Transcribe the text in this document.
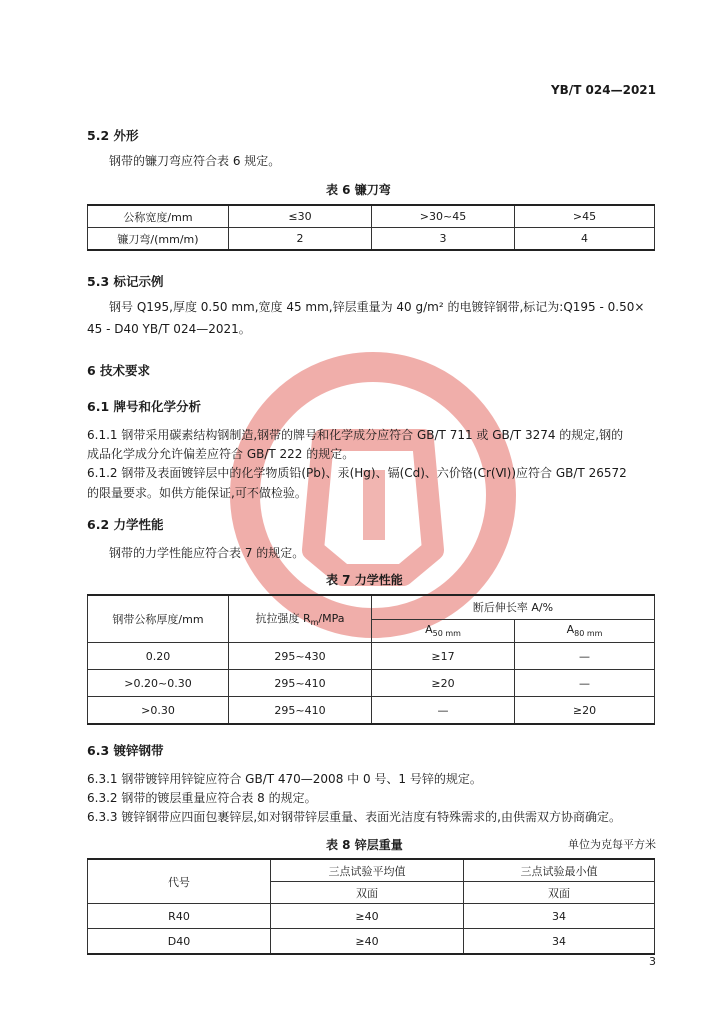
YB/T 024—2021
5.2 外形
钢带的镰刀弯应符合表 6 规定。
表 6 镰刀弯
公称宽度/mm	≤30	>30~45	>45
镰刀弯/(mm/m)	2	3	4
5.3 标记示例
钢号 Q195,厚度 0.50 mm,宽度 45 mm,锌层重量为 40 g/m² 的电镀锌钢带,标记为:Q195 - 0.50×
45 - D40 YB/T 024—2021。
6 技术要求
6.1 牌号和化学分析
6.1.1 钢带采用碳素结构钢制造,钢带的牌号和化学成分应符合 GB/T 711 或 GB/T 3274 的规定,钢的
成品化学成分允许偏差应符合 GB/T 222 的规定。
6.1.2 钢带及表面镀锌层中的化学物质铅(Pb)、汞(Hg)、镉(Cd)、六价铬(Cr(Ⅵ))应符合 GB/T 26572
的限量要求。如供方能保证,可不做检验。
6.2 力学性能
钢带的力学性能应符合表 7 的规定。
表 7 力学性能
钢带公称厚度/mm	抗拉强度 $R_m$/MPa	断后伸长率 A/%	
		$A_{50 mm}$	$A_{80 mm}$
0.20	295~430	≥17	—
>0.20~0.30	295~410	≥20	—
>0.30	295~410	—	≥20
6.3 镀锌钢带
6.3.1 钢带镀锌用锌锭应符合 GB/T 470—2008 中 0 号、1 号锌的规定。
6.3.2 钢带的镀层重量应符合表 8 的规定。
6.3.3 镀锌钢带应四面包裹锌层,如对钢带锌层重量、表面光洁度有特殊需求的,由供需双方协商确定。
表 8 锌层重量	单位为克每平方米
代号	三点试验平均值	三点试验最小值
	双面	双面
R40	≥40	34
D40	≥40	34
3
